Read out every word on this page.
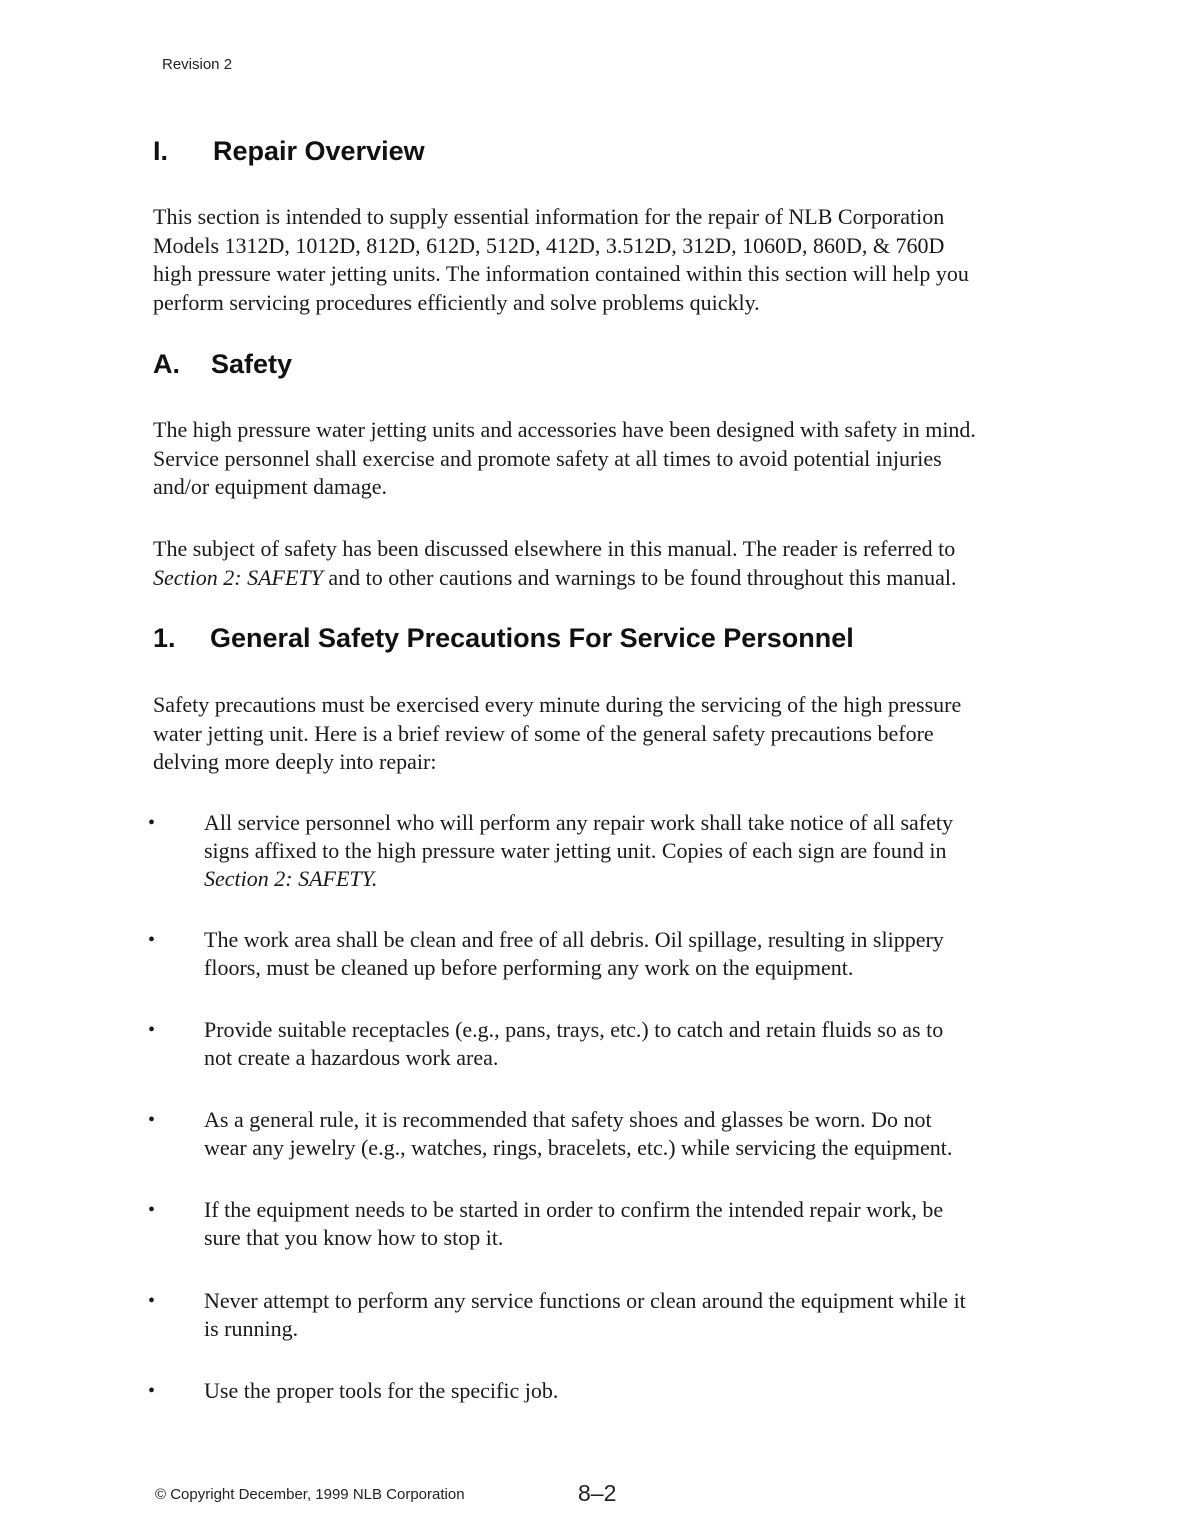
Revision 2
I. Repair Overview
This section is intended to supply essential information for the repair of NLB Corporation
Models 1312D, 1012D, 812D, 612D, 512D, 412D, 3.512D, 312D, 1060D, 860D, & 760D
high pressure water jetting units. The information contained within this section will help you
perform servicing procedures efficiently and solve problems quickly.
A. Safety
The high pressure water jetting units and accessories have been designed with safety in mind.
Service personnel shall exercise and promote safety at all times to avoid potential injuries
and/or equipment damage.
The subject of safety has been discussed elsewhere in this manual. The reader is referred to
Section 2: SAFETY and to other cautions and warnings to be found throughout this manual.
1. General Safety Precautions For Service Personnel
Safety precautions must be exercised every minute during the servicing of the high pressure
water jetting unit. Here is a brief review of some of the general safety precautions before
delving more deeply into repair:
• All service personnel who will perform any repair work shall take notice of all safety
signs affixed to the high pressure water jetting unit. Copies of each sign are found in
Section 2: SAFETY.
• The work area shall be clean and free of all debris. Oil spillage, resulting in slippery
floors, must be cleaned up before performing any work on the equipment.
• Provide suitable receptacles (e.g., pans, trays, etc.) to catch and retain fluids so as to
not create a hazardous work area.
• As a general rule, it is recommended that safety shoes and glasses be worn. Do not
wear any jewelry (e.g., watches, rings, bracelets, etc.) while servicing the equipment.
• If the equipment needs to be started in order to confirm the intended repair work, be
sure that you know how to stop it.
• Never attempt to perform any service functions or clean around the equipment while it
is running.
• Use the proper tools for the specific job.
© Copyright December, 1999 NLB Corporation	8–2
